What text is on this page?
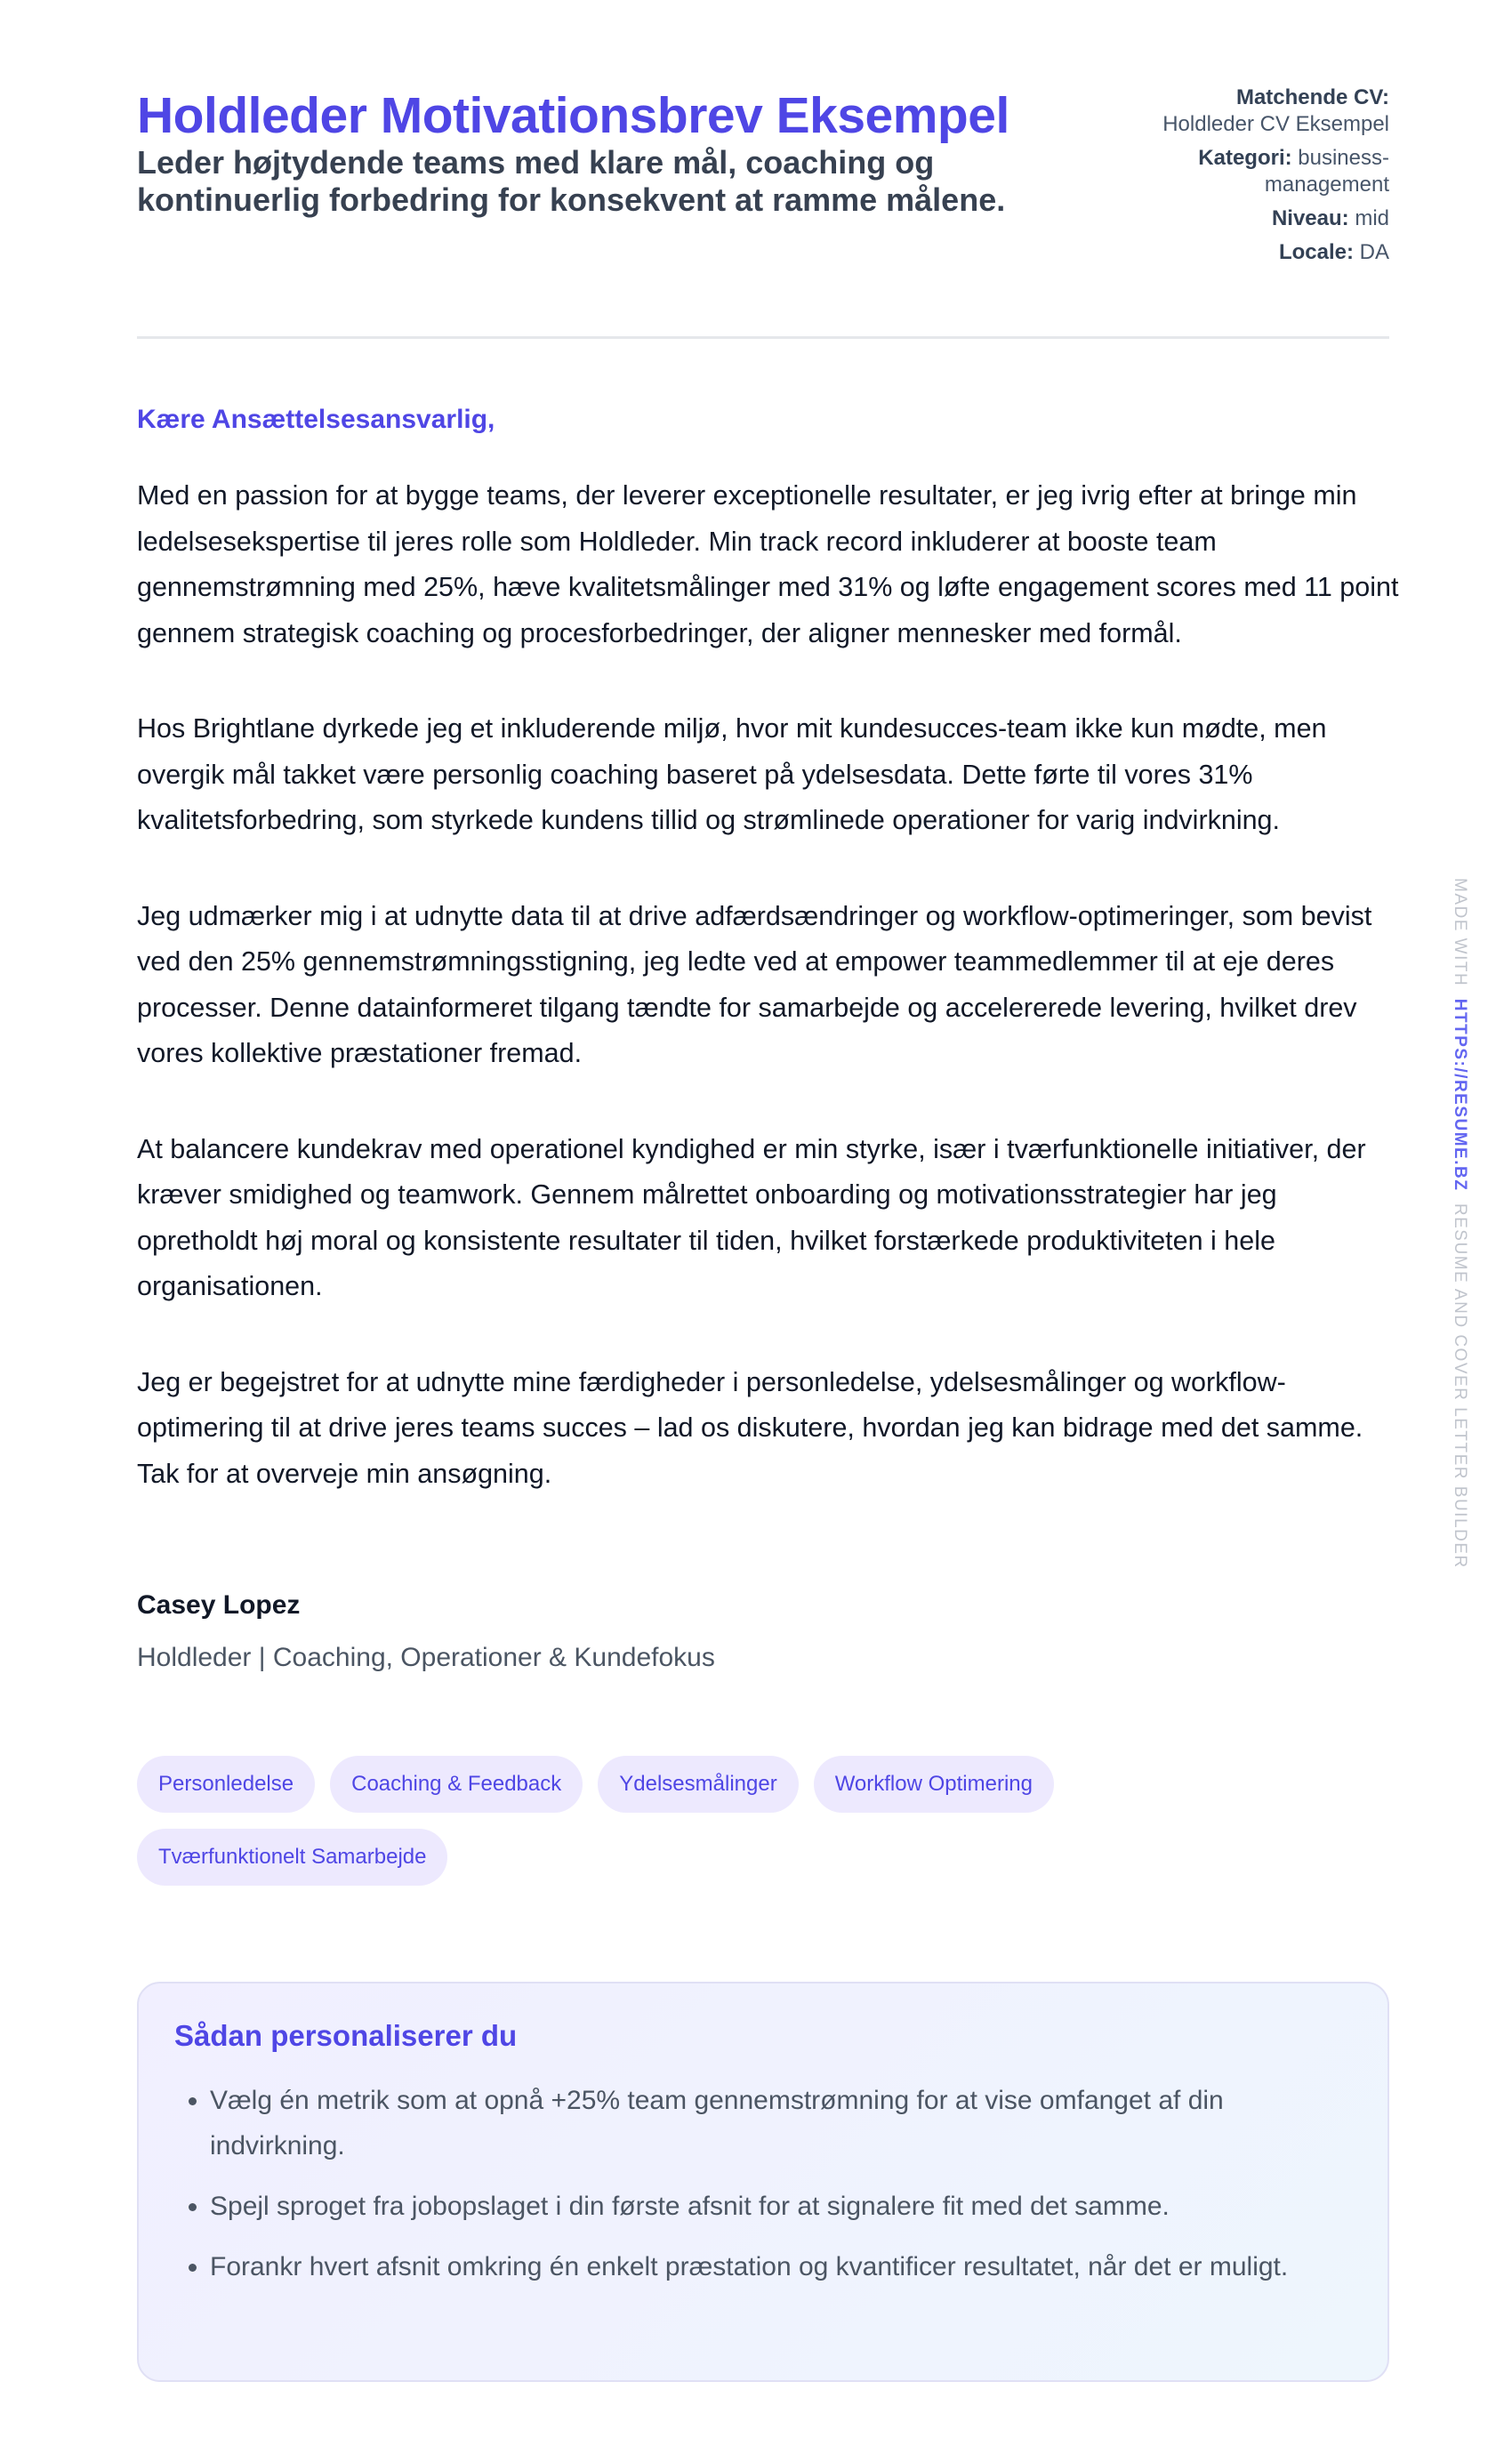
Holdleder Motivationsbrev Eksempel
Leder højtydende teams med klare mål, coaching og kontinuerlig forbedring for konsekvent at ramme målene.
Matchende CV: Holdleder CV Eksempel
Kategori: business-management
Niveau: mid
Locale: DA
Kære Ansættelsesansvarlig,

Med en passion for at bygge teams, der leverer exceptionelle resultater, er jeg ivrig efter at bringe min ledelsesekspertise til jeres rolle som Holdleder. Min track record inkluderer at booste team gennemstrømning med 25%, hæve kvalitetsmålinger med 31% og løfte engagement scores med 11 point gennem strategisk coaching og procesforbedringer, der aligner mennesker med formål.

Hos Brightlane dyrkede jeg et inkluderende miljø, hvor mit kundesucces-team ikke kun mødte, men overgik mål takket være personlig coaching baseret på ydelsesdata. Dette førte til vores 31% kvalitetsforbedring, som styrkede kundens tillid og strømlinede operationer for varig indvirkning.

Jeg udmærker mig i at udnytte data til at drive adfærdsændringer og workflow-optimeringer, som bevist ved den 25% gennemstrømningsstigning, jeg ledte ved at empower teammedlemmer til at eje deres processer. Denne datainformeret tilgang tændte for samarbejde og accelererede levering, hvilket drev vores kollektive præstationer fremad.

At balancere kundekrav med operationel kyndighed er min styrke, især i tværfunktionelle initiativer, der kræver smidighed og teamwork. Gennem målrettet onboarding og motivationsstrategier har jeg opretholdt høj moral og konsistente resultater til tiden, hvilket forstærkede produktiviteten i hele organisationen.

Jeg er begejstret for at udnytte mine færdigheder i personledelse, ydelsesmålinger og workflow-optimering til at drive jeres teams succes – lad os diskutere, hvordan jeg kan bidrage med det samme. Tak for at overveje min ansøgning.

Casey Lopez
Holdleder | Coaching, Operationer & Kundefokus
Personledelse	Coaching & Feedback	Ydelsesmålinger	Workflow Optimering
Tværfunktionelt Samarbejde
Sådan personaliserer du
• Vælg én metrik som at opnå +25% team gennemstrømning for at vise omfanget af din indvirkning.
• Spejl sproget fra jobopslaget i din første afsnit for at signalere fit med det samme.
• Forankr hvert afsnit omkring én enkelt præstation og kvantificer resultatet, når det er muligt.
MADE WITH  HTTPS://RESUME.BZ  RESUME AND COVER LETTER BUILDER
